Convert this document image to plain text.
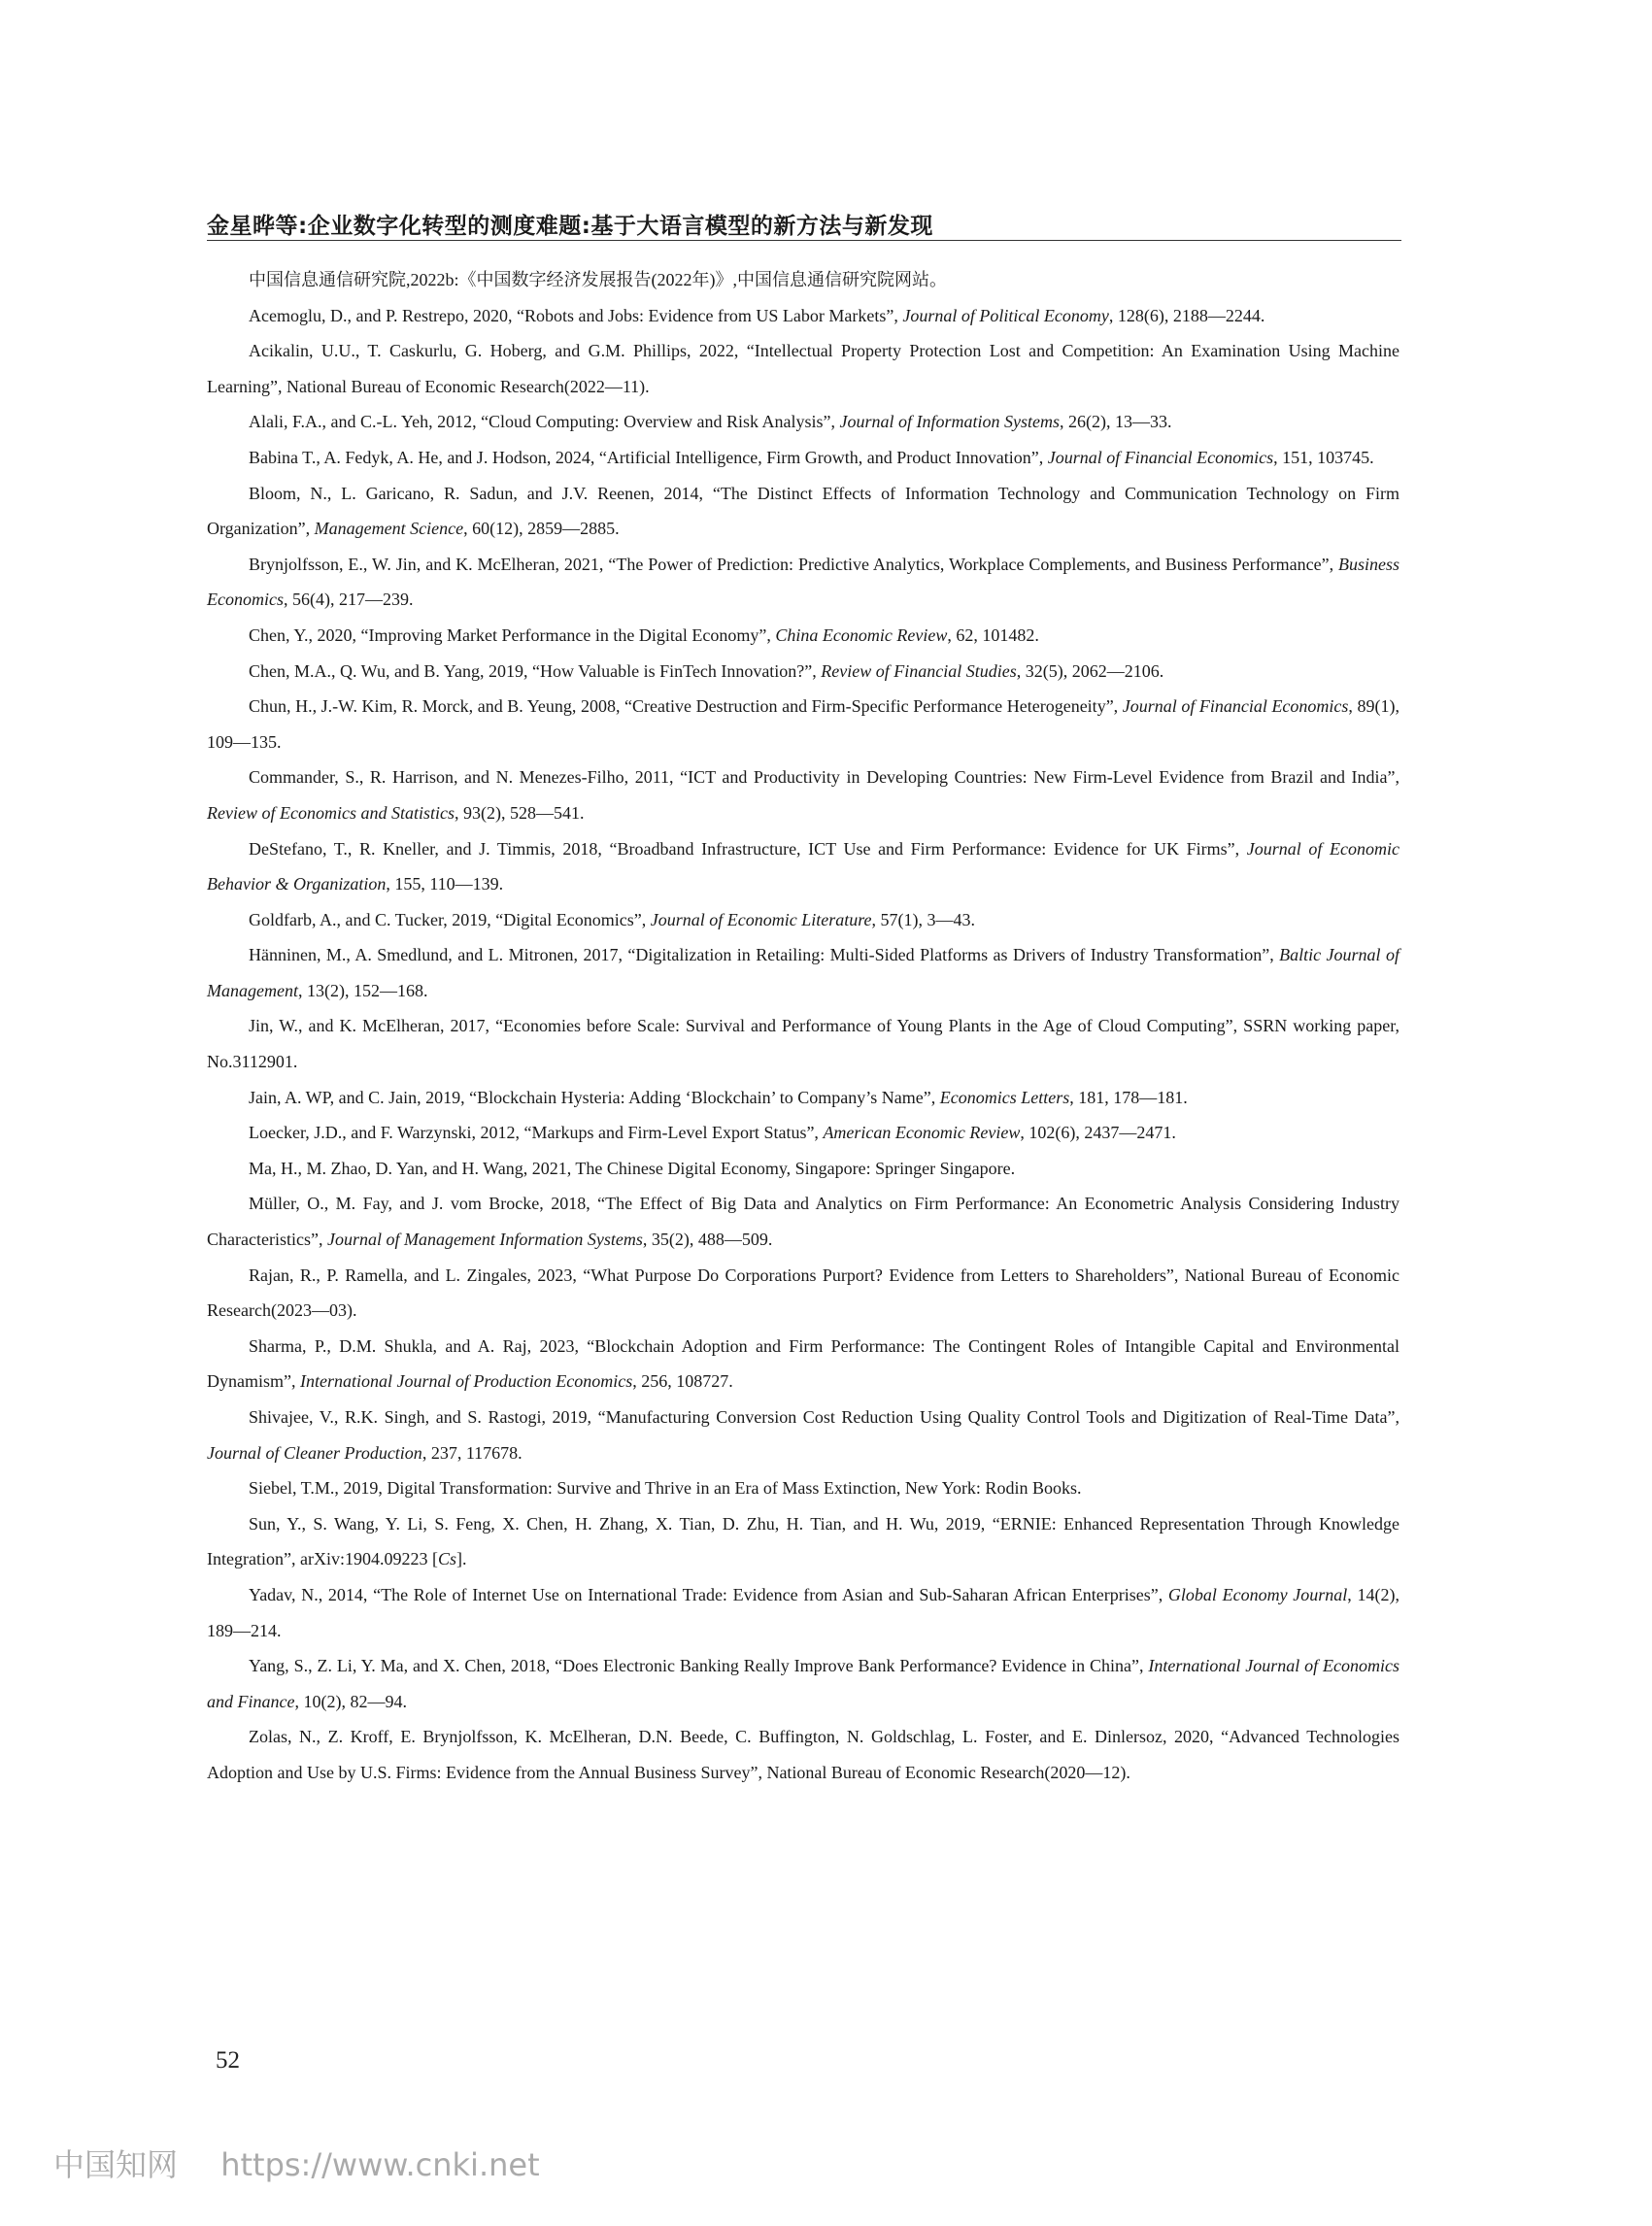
金星晔等:企业数字化转型的测度难题:基于大语言模型的新方法与新发现

中国信息通信研究院,2022b:《中国数字经济发展报告(2022年)》,中国信息通信研究院网站。

Acemoglu, D., and P. Restrepo, 2020, “Robots and Jobs: Evidence from US Labor Markets”, Journal of Political Economy, 128(6), 2188—2244.

Acikalin, U.U., T. Caskurlu, G. Hoberg, and G.M. Phillips, 2022, “Intellectual Property Protection Lost and Competition: An Examination Using Machine Learning”, National Bureau of Economic Research(2022—11).

Alali, F.A., and C.-L. Yeh, 2012, “Cloud Computing: Overview and Risk Analysis”, Journal of Information Systems, 26(2), 13—33.

Babina T., A. Fedyk, A. He, and J. Hodson, 2024, “Artificial Intelligence, Firm Growth, and Product Innovation”, Journal of Financial Economics, 151, 103745.

Bloom, N., L. Garicano, R. Sadun, and J.V. Reenen, 2014, “The Distinct Effects of Information Technology and Communication Technology on Firm Organization”, Management Science, 60(12), 2859—2885.

Brynjolfsson, E., W. Jin, and K. McElheran, 2021, “The Power of Prediction: Predictive Analytics, Workplace Complements, and Business Performance”, Business Economics, 56(4), 217—239.

Chen, Y., 2020, “Improving Market Performance in the Digital Economy”, China Economic Review, 62, 101482.

Chen, M.A., Q. Wu, and B. Yang, 2019, “How Valuable is FinTech Innovation?”, Review of Financial Studies, 32(5), 2062—2106.

Chun, H., J.-W. Kim, R. Morck, and B. Yeung, 2008, “Creative Destruction and Firm-Specific Performance Heterogeneity”, Journal of Financial Economics, 89(1), 109—135.

Commander, S., R. Harrison, and N. Menezes-Filho, 2011, “ICT and Productivity in Developing Countries: New Firm-Level Evidence from Brazil and India”, Review of Economics and Statistics, 93(2), 528—541.

DeStefano, T., R. Kneller, and J. Timmis, 2018, “Broadband Infrastructure, ICT Use and Firm Performance: Evidence for UK Firms”, Journal of Economic Behavior & Organization, 155, 110—139.

Goldfarb, A., and C. Tucker, 2019, “Digital Economics”, Journal of Economic Literature, 57(1), 3—43.

Hänninen, M., A. Smedlund, and L. Mitronen, 2017, “Digitalization in Retailing: Multi-Sided Platforms as Drivers of Industry Transformation”, Baltic Journal of Management, 13(2), 152—168.

Jin, W., and K. McElheran, 2017, “Economies before Scale: Survival and Performance of Young Plants in the Age of Cloud Computing”, SSRN working paper, No.3112901.

Jain, A. WP, and C. Jain, 2019, “Blockchain Hysteria: Adding ‘Blockchain’ to Company’s Name”, Economics Letters, 181, 178—181.

Loecker, J.D., and F. Warzynski, 2012, “Markups and Firm-Level Export Status”, American Economic Review, 102(6), 2437—2471.

Ma, H., M. Zhao, D. Yan, and H. Wang, 2021, The Chinese Digital Economy, Singapore: Springer Singapore.

Müller, O., M. Fay, and J. vom Brocke, 2018, “The Effect of Big Data and Analytics on Firm Performance: An Econometric Analysis Considering Industry Characteristics”, Journal of Management Information Systems, 35(2), 488—509.

Rajan, R., P. Ramella, and L. Zingales, 2023, “What Purpose Do Corporations Purport? Evidence from Letters to Shareholders”, National Bureau of Economic Research(2023—03).

Sharma, P., D.M. Shukla, and A. Raj, 2023, “Blockchain Adoption and Firm Performance: The Contingent Roles of Intangible Capital and Environmental Dynamism”, International Journal of Production Economics, 256, 108727.

Shivajee, V., R.K. Singh, and S. Rastogi, 2019, “Manufacturing Conversion Cost Reduction Using Quality Control Tools and Digitization of Real-Time Data”, Journal of Cleaner Production, 237, 117678.

Siebel, T.M., 2019, Digital Transformation: Survive and Thrive in an Era of Mass Extinction, New York: Rodin Books.

Sun, Y., S. Wang, Y. Li, S. Feng, X. Chen, H. Zhang, X. Tian, D. Zhu, H. Tian, and H. Wu, 2019, “ERNIE: Enhanced Representation Through Knowledge Integration”, arXiv:1904.09223 [Cs].

Yadav, N., 2014, “The Role of Internet Use on International Trade: Evidence from Asian and Sub-Saharan African Enterprises”, Global Economy Journal, 14(2), 189—214.

Yang, S., Z. Li, Y. Ma, and X. Chen, 2018, “Does Electronic Banking Really Improve Bank Performance? Evidence in China”, International Journal of Economics and Finance, 10(2), 82—94.

Zolas, N., Z. Kroff, E. Brynjolfsson, K. McElheran, D.N. Beede, C. Buffington, N. Goldschlag, L. Foster, and E. Dinlersoz, 2020, “Advanced Technologies Adoption and Use by U.S. Firms: Evidence from the Annual Business Survey”, National Bureau of Economic Research(2020—12).

52
中国知网 https://www.cnki.net
